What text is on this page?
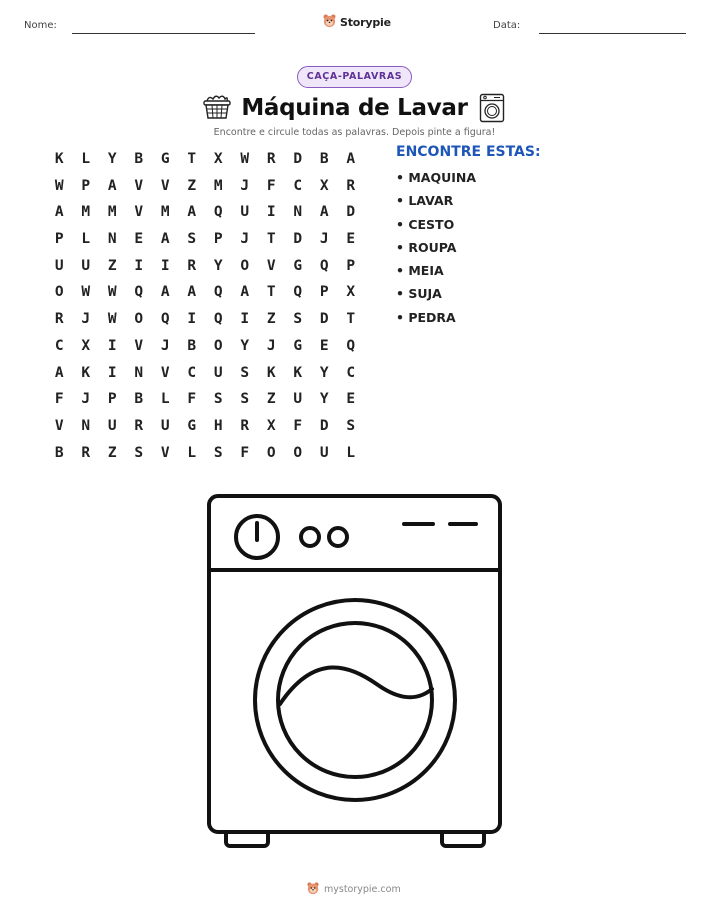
Nome:	Storypie	Data:
CAÇA-PALAVRAS
Máquina de Lavar
Encontre e circule todas as palavras. Depois pinte a figura!
K	L	Y	B	G	T	X	W	R	D	B	A
W	P	A	V	V	Z	M	J	F	C	X	R
A	M	M	V	M	A	Q	U	I	N	A	D
P	L	N	E	A	S	P	J	T	D	J	E
U	U	Z	I	I	R	Y	O	V	G	Q	P
O	W	W	Q	A	A	Q	A	T	Q	P	X
R	J	W	O	Q	I	Q	I	Z	S	D	T
C	X	I	V	J	B	O	Y	J	G	E	Q
A	K	I	N	V	C	U	S	K	K	Y	C
F	J	P	B	L	F	S	S	Z	U	Y	E
V	N	U	R	U	G	H	R	X	F	D	S
B	R	Z	S	V	L	S	F	O	O	U	L
ENCONTRE ESTAS:
• MAQUINA
• LAVAR
• CESTO
• ROUPA
• MEIA
• SUJA
• PEDRA
mystorypie.com
